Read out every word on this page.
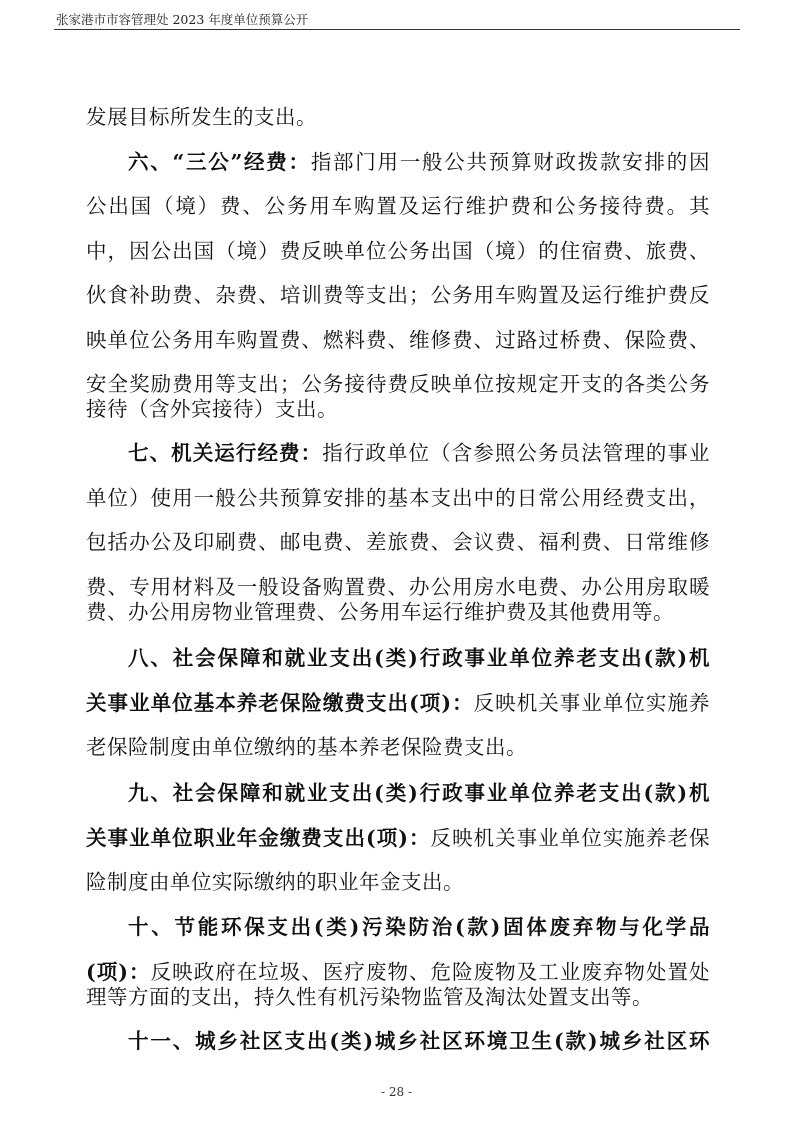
张家港市市容管理处 2023 年度单位预算公开
发展目标所发生的支出。
六、“三公”经费：指部门用一般公共预算财政拨款安排的因
公出国（境）费、公务用车购置及运行维护费和公务接待费。其
中，因公出国（境）费反映单位公务出国（境）的住宿费、旅费、
伙食补助费、杂费、培训费等支出；公务用车购置及运行维护费反
映单位公务用车购置费、燃料费、维修费、过路过桥费、保险费、
安全奖励费用等支出；公务接待费反映单位按规定开支的各类公务
接待（含外宾接待）支出。
七、机关运行经费：指行政单位（含参照公务员法管理的事业
单位）使用一般公共预算安排的基本支出中的日常公用经费支出，
包括办公及印刷费、邮电费、差旅费、会议费、福利费、日常维修
费、专用材料及一般设备购置费、办公用房水电费、办公用房取暖
费、办公用房物业管理费、公务用车运行维护费及其他费用等。
八、社会保障和就业支出(类)行政事业单位养老支出(款)机
关事业单位基本养老保险缴费支出(项)：反映机关事业单位实施养
老保险制度由单位缴纳的基本养老保险费支出。
九、社会保障和就业支出(类)行政事业单位养老支出(款)机
关事业单位职业年金缴费支出(项)：反映机关事业单位实施养老保
险制度由单位实际缴纳的职业年金支出。
十、节能环保支出(类)污染防治(款)固体废弃物与化学品
(项)：反映政府在垃圾、医疗废物、危险废物及工业废弃物处置处
理等方面的支出，持久性有机污染物监管及淘汰处置支出等。
十一、城乡社区支出(类)城乡社区环境卫生(款)城乡社区环
- 28 -
